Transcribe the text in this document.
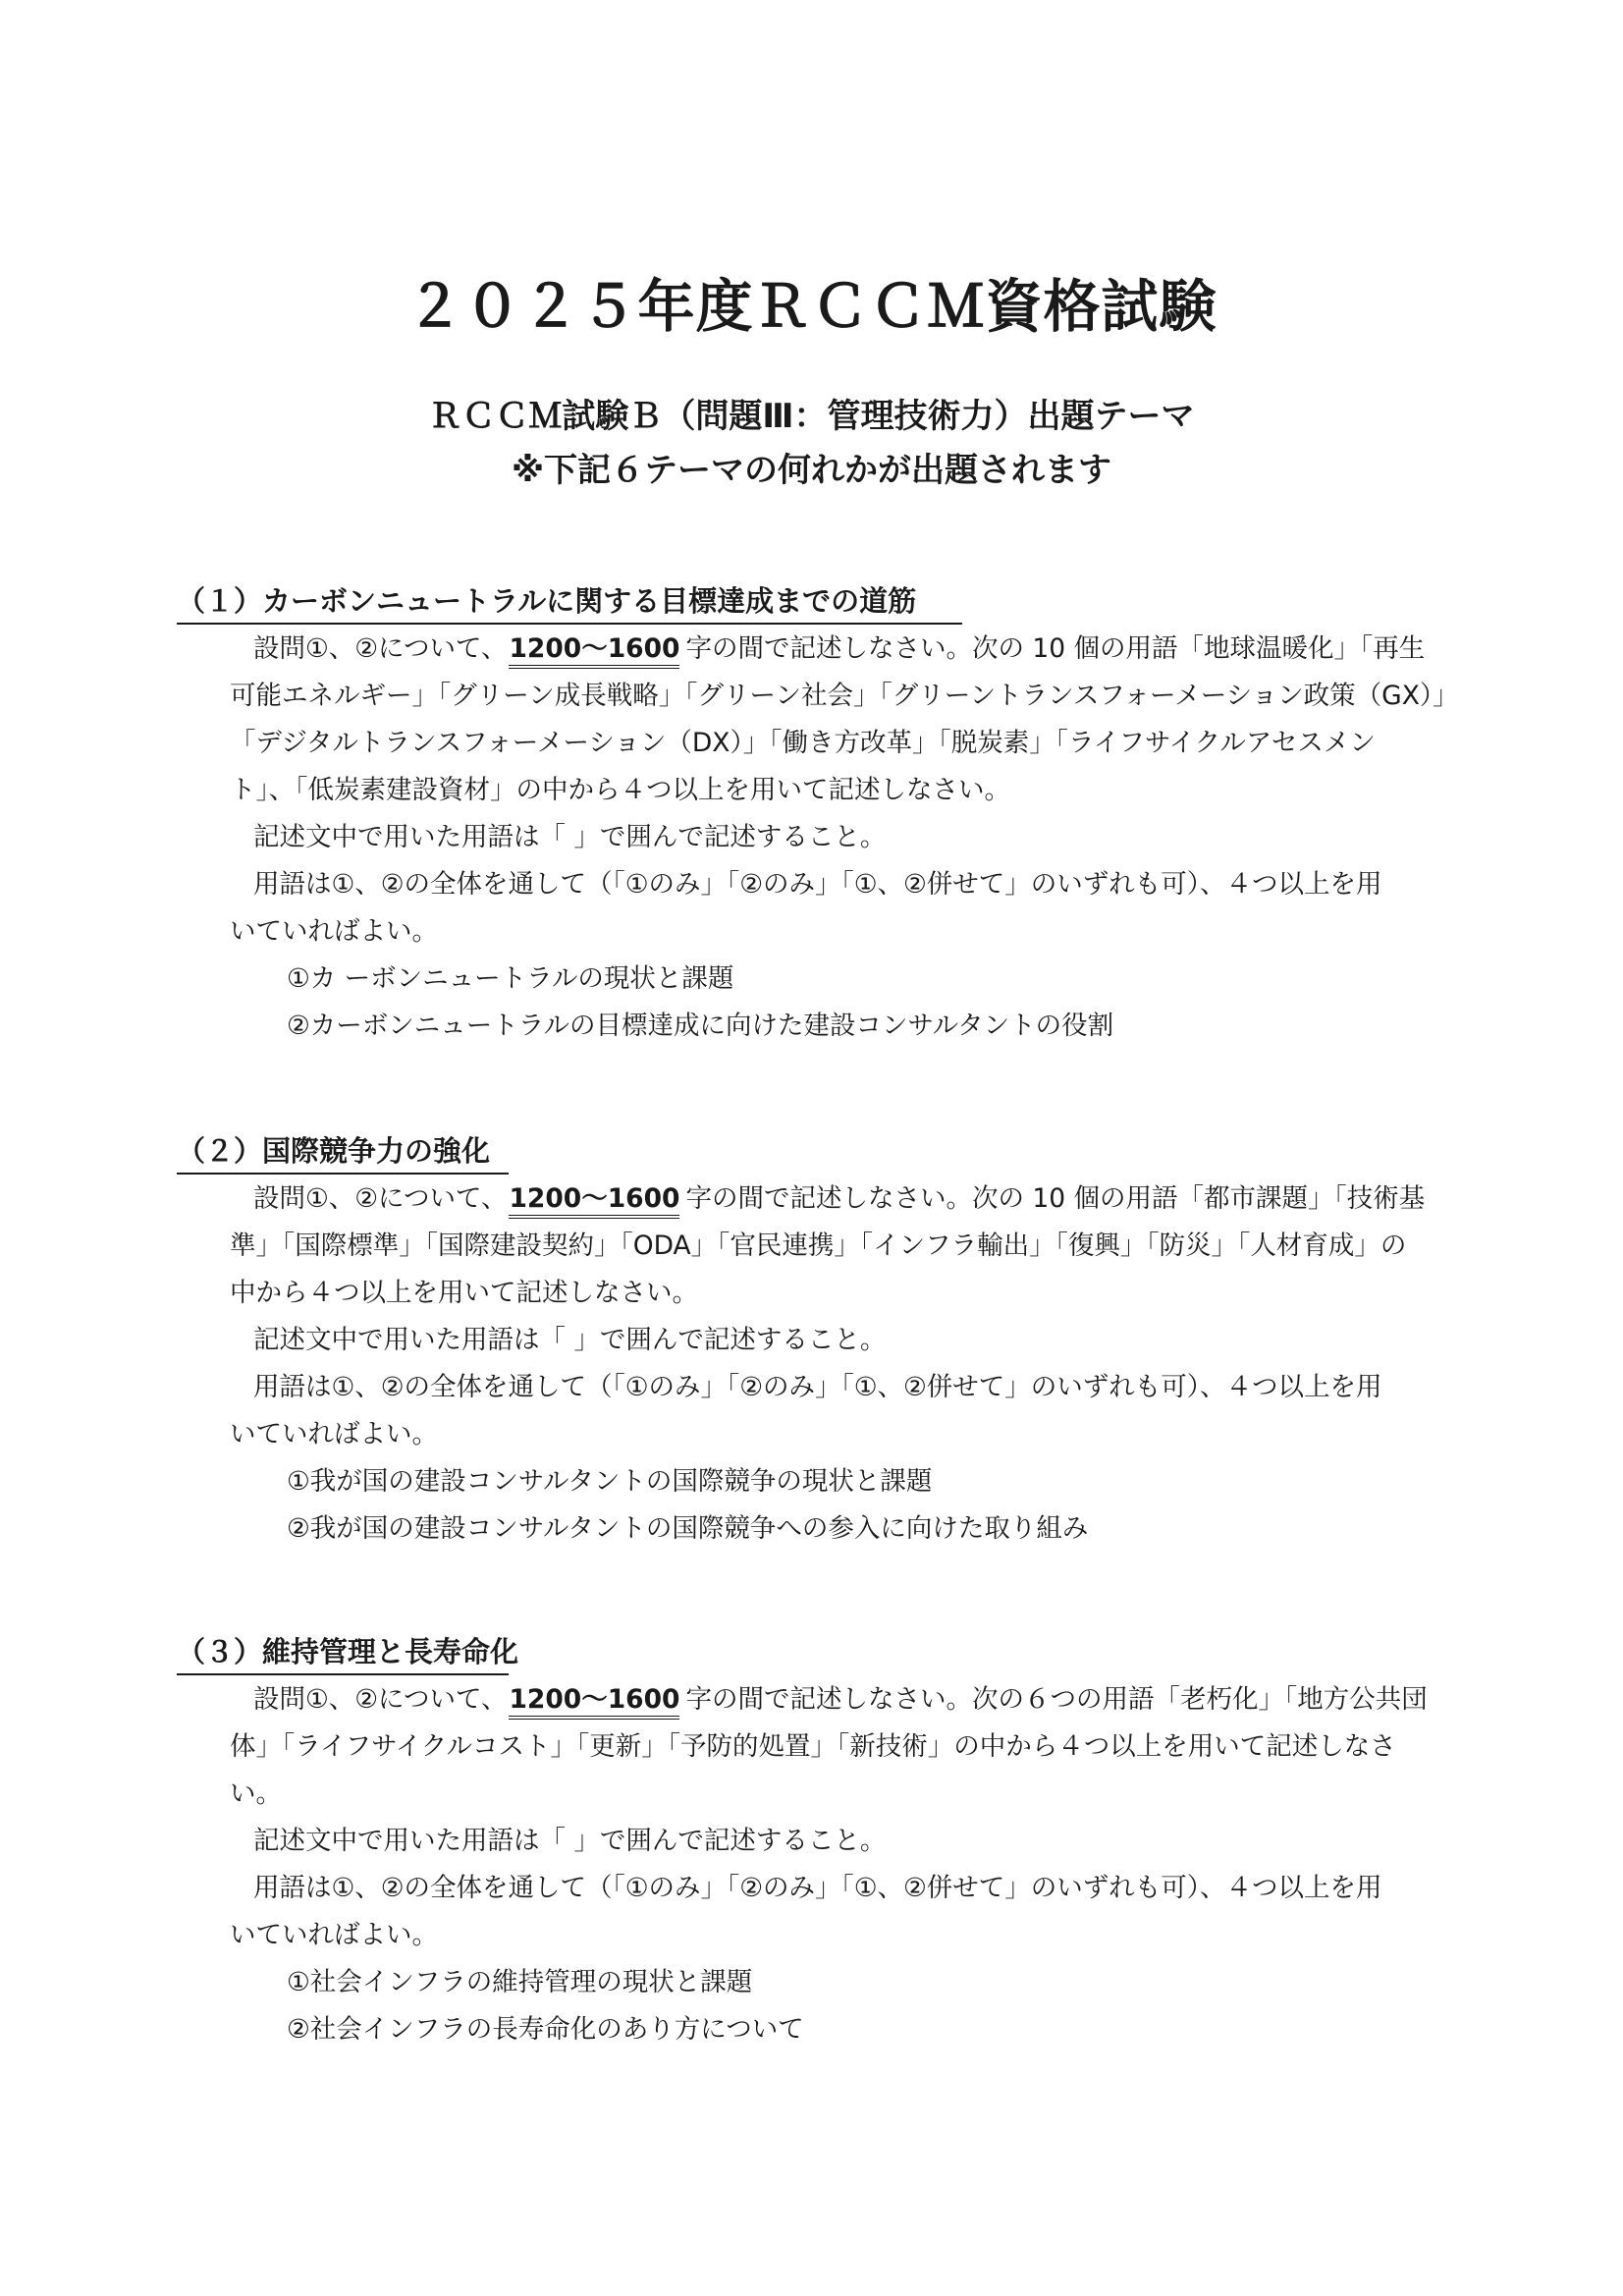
２０２５年度ＲＣＣＭ資格試験
ＲＣＣＭ試験Ｂ（問題Ⅲ：管理技術力）出題テーマ
※下記６テーマの何れかが出題されます
（１）カーボンニュートラルに関する目標達成までの道筋
設問①、②について、1200～1600 字の間で記述しなさい。次の 10 個の用語「地球温暖化」「再生
可能エネルギー」「グリーン成長戦略」「グリーン社会」「グリーントランスフォーメーション政策（GX）」
「デジタルトランスフォーメーション（DX）」「働き方改革」「脱炭素」「ライフサイクルアセスメン
ト」、「低炭素建設資材」の中から４つ以上を用いて記述しなさい。
記述文中で用いた用語は「 」で囲んで記述すること。
用語は①、②の全体を通して（「①のみ」「②のみ」「①、②併せて」のいずれも可）、４つ以上を用
いていればよい。
①カ ーボンニュートラルの現状と課題
②カーボンニュートラルの目標達成に向けた建設コンサルタントの役割
（２）国際競争力の強化
設問①、②について、1200～1600 字の間で記述しなさい。次の 10 個の用語「都市課題」「技術基
準」「国際標準」「国際建設契約」「ODA」「官民連携」「インフラ輸出」「復興」「防災」「人材育成」の
中から４つ以上を用いて記述しなさい。
記述文中で用いた用語は「 」で囲んで記述すること。
用語は①、②の全体を通して（「①のみ」「②のみ」「①、②併せて」のいずれも可）、４つ以上を用
いていればよい。
①我が国の建設コンサルタントの国際競争の現状と課題
②我が国の建設コンサルタントの国際競争への参入に向けた取り組み
（３）維持管理と長寿命化
設問①、②について、1200～1600 字の間で記述しなさい。次の６つの用語「老朽化」「地方公共団
体」「ライフサイクルコスト」「更新」「予防的処置」「新技術」の中から４つ以上を用いて記述しなさ
い。
記述文中で用いた用語は「 」で囲んで記述すること。
用語は①、②の全体を通して（「①のみ」「②のみ」「①、②併せて」のいずれも可）、４つ以上を用
いていればよい。
①社会インフラの維持管理の現状と課題
②社会インフラの長寿命化のあり方について
